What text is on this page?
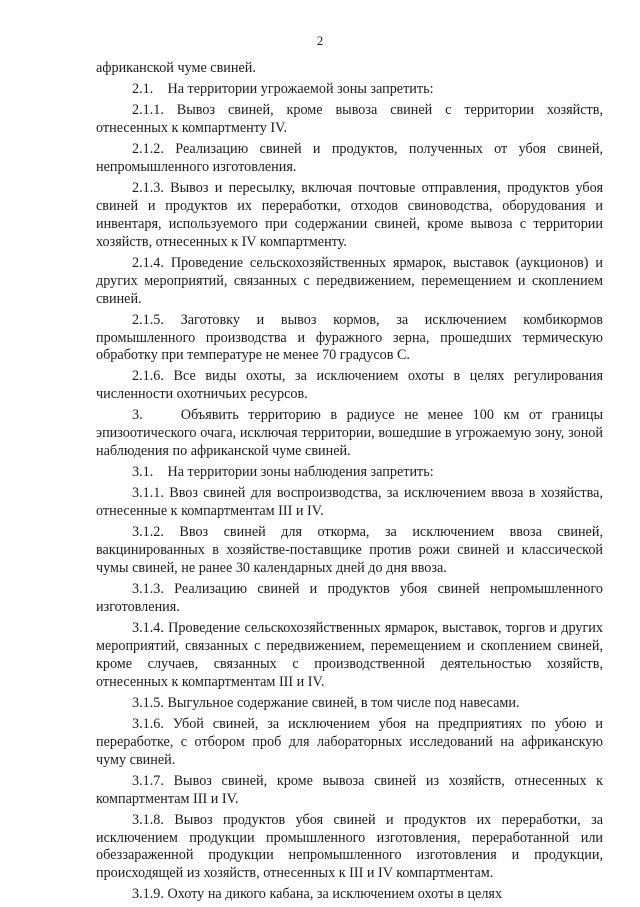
2

африканской чуме свиней.

2.1.    На территории угрожаемой зоны запретить:

2.1.1. Вывоз свиней, кроме вывоза свиней с территории хозяйств, отнесенных к компартменту IV.

2.1.2. Реализацию свиней и продуктов, полученных от убоя свиней, непромышленного изготовления.

2.1.3. Вывоз и пересылку, включая почтовые отправления, продуктов убоя свиней и продуктов их переработки, отходов свиноводства, оборудования и инвентаря, используемого при содержании свиней, кроме вывоза с территории хозяйств, отнесенных к IV компартменту.

2.1.4. Проведение сельскохозяйственных ярмарок, выставок (аукционов) и других мероприятий, связанных с передвижением, перемещением и скоплением свиней.

2.1.5. Заготовку и вывоз кормов, за исключением комбикормов промышленного производства и фуражного зерна, прошедших термическую обработку при температуре не менее 70 градусов С.

2.1.6. Все виды охоты, за исключением охоты в целях регулирования численности охотничьих ресурсов.

3.    Объявить территорию в радиусе не менее 100 км от границы эпизоотического очага, исключая территории, вошедшие в угрожаемую зону, зоной наблюдения по африканской чуме свиней.

3.1.    На территории зоны наблюдения запретить:

3.1.1. Ввоз свиней для воспроизводства, за исключением ввоза в хозяйства, отнесенные к компартментам III и IV.

3.1.2. Ввоз свиней для откорма, за исключением ввоза свиней, вакцинированных в хозяйстве-поставщике против рожи свиней и классической чумы свиней, не ранее 30 календарных дней до дня ввоза.

3.1.3. Реализацию свиней и продуктов убоя свиней непромышленного изготовления.

3.1.4. Проведение сельскохозяйственных ярмарок, выставок, торгов и других мероприятий, связанных с передвижением, перемещением и скоплением свиней, кроме случаев, связанных с производственной деятельностью хозяйств, отнесенных к компартментам III и IV.

3.1.5. Выгульное содержание свиней, в том числе под навесами.

3.1.6. Убой свиней, за исключением убоя на предприятиях по убою и переработке, с отбором проб для лабораторных исследований на африканскую чуму свиней.

3.1.7. Вывоз свиней, кроме вывоза свиней из хозяйств, отнесенных к компартментам III и IV.

3.1.8. Вывоз продуктов убоя свиней и продуктов их переработки, за исключением продукции промышленного изготовления, переработанной или обеззараженной продукции непромышленного изготовления и продукции, происходящей из хозяйств, отнесенных к III и IV компартментам.

3.1.9. Охоту на дикого кабана, за исключением охоты в целях
